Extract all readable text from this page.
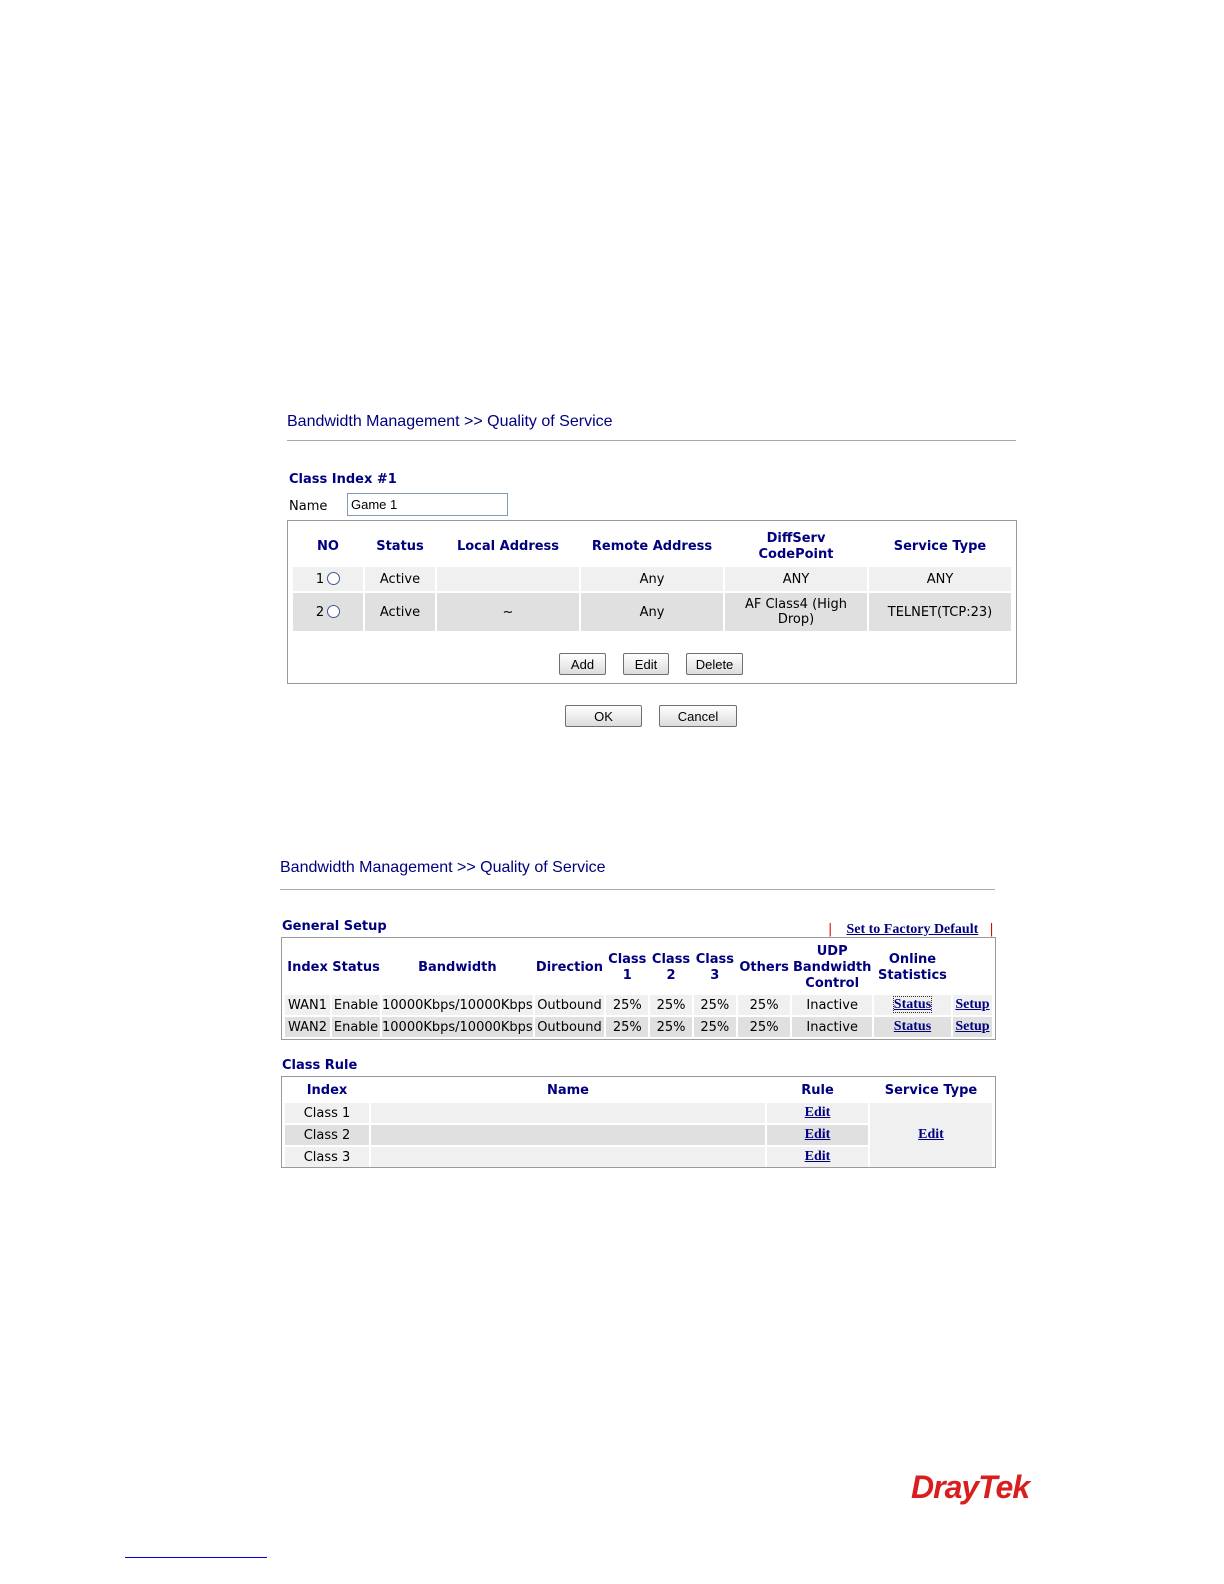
Bandwidth Management >> Quality of Service
Class Index #1
Name
Game 1
NO	Status	Local Address	Remote Address	DiffServ CodePoint	Service Type
1	Active		Any	ANY	ANY
2	Active	~	Any	AF Class4 (High Drop)	TELNET(TCP:23)
Add	Edit	Delete
OK	Cancel
Bandwidth Management >> Quality of Service
General Setup	| Set to Factory Default |
Index	Status	Bandwidth	Direction	Class 1	Class 2	Class 3	Others	UDP Bandwidth Control	Online Statistics	
WAN1	Enable	10000Kbps/10000Kbps	Outbound	25%	25%	25%	25%	Inactive	Status	Setup
WAN2	Enable	10000Kbps/10000Kbps	Outbound	25%	25%	25%	25%	Inactive	Status	Setup
Class Rule
Index	Name	Rule	Service Type
Class 1		Edit	Edit
Class 2		Edit	
Class 3		Edit	
DrayTek
